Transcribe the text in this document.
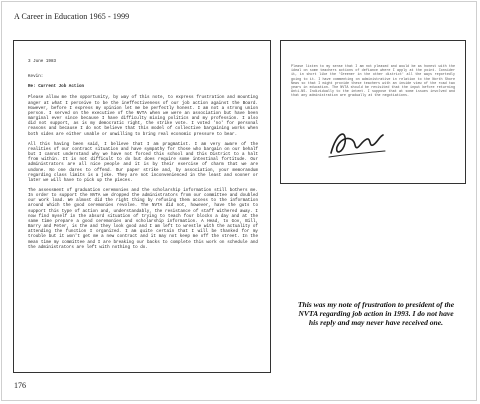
A Career in Education 1965 - 1999

3 June 1983

Kevin:

Re: Current Job Action

Please allow me the opportunity, by way of this note, to express frustration and mounting anger at what I perceive to be the ineffectiveness of our job action against the Board. However, before I express my opinion let me be perfectly honest. I am not a strong union person. I served on the executive of the NVTA when we were an association but have been marginal ever since because I have difficulty mixing politics and my profession. I also did not support, as is my democratic right, the strike vote. I voted 'no' for personal reasons and because I do not believe that this model of collective bargaining works when both sides are either unable or unwilling to bring real economic pressure to bear.

All this having been said, I believe that I am pragmatist. I am very aware of the realities of our contract situation and have sympathy for those who bargain on our behalf but I cannot understand why we have not forced this school and this District to a halt from within. It is not difficult to do but does require some intestinal fortitude. Our administrators are all nice people and it is by their exercise of charm that we are undone. No one dares to offend. Our paper strike and, by association, your memorandum regarding class limits is a joke. They are not inconvenienced in the least and sooner or later we will have to pick up the pieces.

The assessment of graduation ceremonies and the scholarship information still bothers me. In order to support the NVTA we dropped the administrators from our committee and doubled our work load. We almost did the right thing by refusing them access to the information around which the good ceremonies revolve. The NVTA did not, however, have the guts to support this type of action and, understandably, the resistance of staff withered away. I now find myself in the absurd situation of trying to teach four blocks a day and at the same time prepare a good ceremonies and scholarship information. A Head, to Gov, Bill, Barry and Peter, is the and they look good and I am left to wrestle with the actuality of attending the function I organized. I am quite certain that I will be thanked for my trouble but it won't get me a new contract and it may not keep me off the street. In the mean time my committee and I are breaking our backs to complete this work on schedule and the administrators are left with nothing to do.

Please listen to my sense that I am not pleased and would be as honest with the ideal on some teachers actions of defiance where I apply at the point. Consider it, in short like the 'Greener in the other district' all the ways reportedly going to it. I have commenting on administrative in relation to the North Shore News so that I might provide these teachers with an inside view of the road two years in education. The NVTA should be revisited that the input before returning Anti-NS. Individually to the intent. I suppose that at some issues involved and that any administration are gradually at the negotiations.

This was my note of frustration to president of the NVTA regarding job action in 1993. I do not have his reply and may never have received one.
176
